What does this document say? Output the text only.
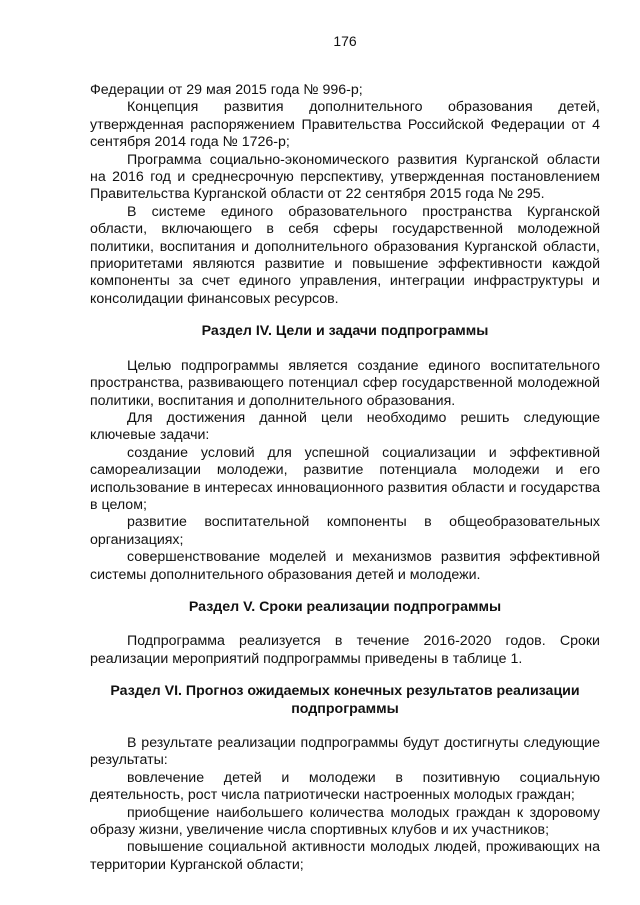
176

Федерации от 29 мая 2015 года № 996-р;

Концепция развития дополнительного образования детей, утвержденная распоряжением Правительства Российской Федерации от 4 сентября 2014 года № 1726-р;

Программа социально-экономического развития Курганской области на 2016 год и среднесрочную перспективу, утвержденная постановлением Правительства Курганской области от 22 сентября 2015 года № 295.

В системе единого образовательного пространства Курганской области, включающего в себя сферы государственной молодежной политики, воспитания и дополнительного образования Курганской области, приоритетами являются развитие и повышение эффективности каждой компоненты за счет единого управления, интеграции инфраструктуры и консолидации финансовых ресурсов.

Раздел IV. Цели и задачи подпрограммы

Целью подпрограммы является создание единого воспитательного пространства, развивающего потенциал сфер государственной молодежной политики, воспитания и дополнительного образования.

Для достижения данной цели необходимо решить следующие ключевые задачи:

создание условий для успешной социализации и эффективной самореализации молодежи, развитие потенциала молодежи и его использование в интересах инновационного развития области и государства в целом;

развитие воспитательной компоненты в общеобразовательных организациях;

совершенствование моделей и механизмов развития эффективной системы дополнительного образования детей и молодежи.

Раздел V. Сроки реализации подпрограммы

Подпрограмма реализуется в течение 2016-2020 годов. Сроки реализации мероприятий подпрограммы приведены в таблице 1.

Раздел VI. Прогноз ожидаемых конечных результатов реализации
подпрограммы

В результате реализации подпрограммы будут достигнуты следующие результаты:

вовлечение детей и молодежи в позитивную социальную деятельность, рост числа патриотически настроенных молодых граждан;

приобщение наибольшего количества молодых граждан к здоровому образу жизни, увеличение числа спортивных клубов и их участников;

повышение социальной активности молодых людей, проживающих на территории Курганской области;
